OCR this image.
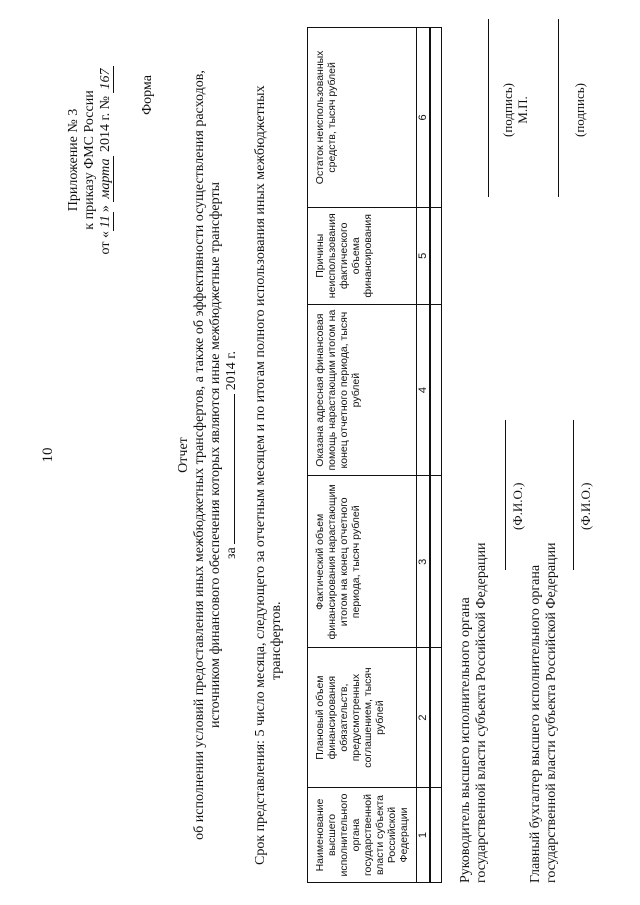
10
Приложение № 3 к приказу ФМС России
от «11» марта 2014 г. № 167 Форма
Отчет об исполнении условий предоставления иных межбюджетных трансфертов, а также об эффективности осуществления расходов, источником финансового обеспечения которых являются иные межбюджетные трансферты за  2014 г. Срок представления: 5 число месяца, следующего за отчетным месяцем и по итогам полного использования иных межбюджетных трансфертов.
Наименование высшего исполнительного органа государственной власти субъекта Российской Федерации	Плановый объем финансирования обязательств, предусмотренных соглашением, тысяч рублей	Фактический объем финансирования нарастающим итогом на конец отчетного периода, тысяч рублей	Оказана адресная финансовая помощь нарастающим итогом на конец отчетного периода, тысяч рублей	Причины неиспользования фактического объема финансирования	Остаток неиспользованных средств, тысяч рублей
1	2	3	4	5	6

Руководитель высшего исполнительного органа государственной власти субъекта Российской Федерации
(Ф.И.О.)
(подпись) М.П.
Главный бухгалтер высшего исполнительного органа государственной власти субъекта Российской Федерации
(Ф.И.О.)
(подпись)
